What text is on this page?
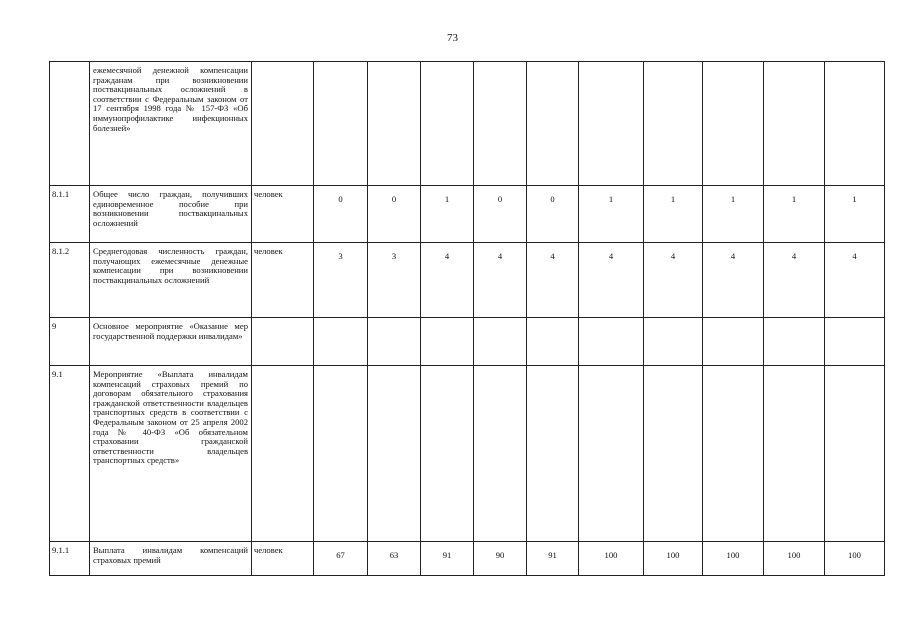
73
	ежемесячной денежной компенсации гражданам при возникновении поствакцинальных осложнений в соответствии с Федеральным законом от 17 сентября 1998 года № 157-ФЗ «Об иммунопрофилактике инфекционных болезней»											
8.1.1	Общее число граждан, получивших единовременное пособие при возникновении поствакцинальных осложнений	человек	0	0	1	0	0	1	1	1	1	1
8.1.2	Среднегодовая численность граждан, получающих ежемесячные денежные компенсации при возникновении поствакцинальных осложнений	человек	3	3	4	4	4	4	4	4	4	4
9	Основное мероприятие «Оказание мер государственной поддержки инвалидам»											
9.1	Мероприятие «Выплата инвалидам компенсаций страховых премий по договорам обязательного страхования гражданской ответственности владельцев транспортных средств в соответствии с Федеральным законом от 25 апреля 2002 года № 40-ФЗ «Об обязательном страховании гражданской ответственности владельцев транспортных средств»											
9.1.1	Выплата инвалидам компенсаций страховых премий	человек	67	63	91	90	91	100	100	100	100	100
